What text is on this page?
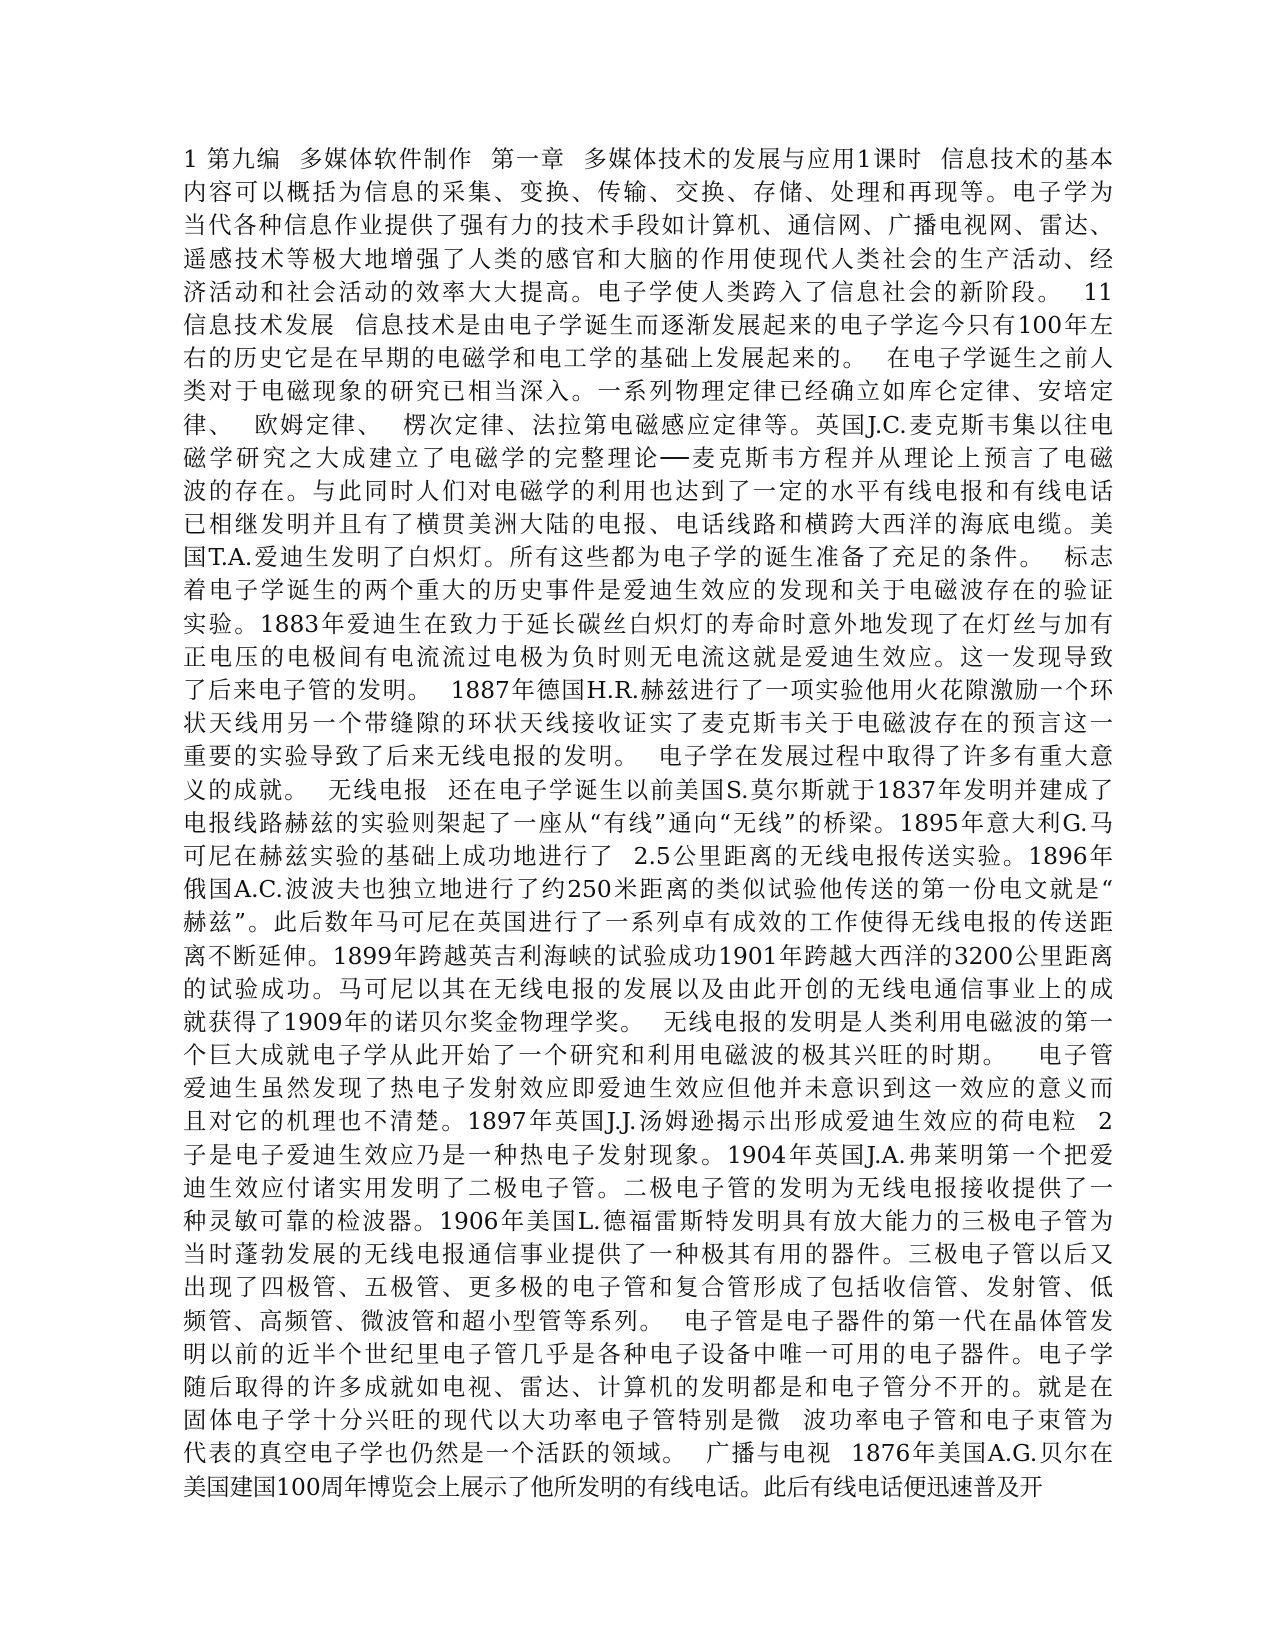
1 第九编  多媒体软件制作  第一章  多媒体技术的发展与应用1课时  信息技术的基本
内容可以概括为信息的采集、变换、传输、交换、存储、处理和再现等。电子学为
当代各种信息作业提供了强有力的技术手段如计算机、通信网、广播电视网、雷达、
遥感技术等极大地增强了人类的感官和大脑的作用使现代人类社会的生产活动、经
济活动和社会活动的效率大大提高。电子学使人类跨入了信息社会的新阶段。  11
信息技术发展  信息技术是由电子学诞生而逐渐发展起来的电子学迄今只有100年左
右的历史它是在早期的电磁学和电工学的基础上发展起来的。  在电子学诞生之前人
类对于电磁现象的研究已相当深入。一系列物理定律已经确立如库仑定律、安培定
律、  欧姆定律、  楞次定律、法拉第电磁感应定律等。英国J.C.麦克斯韦集以往电
磁学研究之大成建立了电磁学的完整理论──麦克斯韦方程并从理论上预言了电磁
波的存在。与此同时人们对电磁学的利用也达到了一定的水平有线电报和有线电话
已相继发明并且有了横贯美洲大陆的电报、电话线路和横跨大西洋的海底电缆。美
国T.A.爱迪生发明了白炽灯。所有这些都为电子学的诞生准备了充足的条件。  标志
着电子学诞生的两个重大的历史事件是爱迪生效应的发现和关于电磁波存在的验证
实验。1883年爱迪生在致力于延长碳丝白炽灯的寿命时意外地发现了在灯丝与加有
正电压的电极间有电流流过电极为负时则无电流这就是爱迪生效应。这一发现导致
了后来电子管的发明。  1887年德国H.R.赫兹进行了一项实验他用火花隙激励一个环
状天线用另一个带缝隙的环状天线接收证实了麦克斯韦关于电磁波存在的预言这一
重要的实验导致了后来无线电报的发明。  电子学在发展过程中取得了许多有重大意
义的成就。  无线电报  还在电子学诞生以前美国S.莫尔斯就于1837年发明并建成了
电报线路赫兹的实验则架起了一座从“有线”通向“无线”的桥梁。1895年意大利G.马
可尼在赫兹实验的基础上成功地进行了  2.5公里距离的无线电报传送实验。1896年
俄国A.C.波波夫也独立地进行了约250米距离的类似试验他传送的第一份电文就是“
赫兹”。此后数年马可尼在英国进行了一系列卓有成效的工作使得无线电报的传送距
离不断延伸。1899年跨越英吉利海峡的试验成功1901年跨越大西洋的3200公里距离
的试验成功。马可尼以其在无线电报的发展以及由此开创的无线电通信事业上的成
就获得了1909年的诺贝尔奖金物理学奖。  无线电报的发明是人类利用电磁波的第一
个巨大成就电子学从此开始了一个研究和利用电磁波的极其兴旺的时期。   电子管
爱迪生虽然发现了热电子发射效应即爱迪生效应但他并未意识到这一效应的意义而
且对它的机理也不清楚。1897年英国J.J.汤姆逊揭示出形成爱迪生效应的荷电粒  2
子是电子爱迪生效应乃是一种热电子发射现象。1904年英国J.A.弗莱明第一个把爱
迪生效应付诸实用发明了二极电子管。二极电子管的发明为无线电报接收提供了一
种灵敏可靠的检波器。1906年美国L.德福雷斯特发明具有放大能力的三极电子管为
当时蓬勃发展的无线电报通信事业提供了一种极其有用的器件。三极电子管以后又
出现了四极管、五极管、更多极的电子管和复合管形成了包括收信管、发射管、低
频管、高频管、微波管和超小型管等系列。  电子管是电子器件的第一代在晶体管发
明以前的近半个世纪里电子管几乎是各种电子设备中唯一可用的电子器件。电子学
随后取得的许多成就如电视、雷达、计算机的发明都是和电子管分不开的。就是在
固体电子学十分兴旺的现代以大功率电子管特别是微  波功率电子管和电子束管为
代表的真空电子学也仍然是一个活跃的领域。  广播与电视  1876年美国A.G.贝尔在
美国建国100周年博览会上展示了他所发明的有线电话。此后有线电话便迅速普及开
